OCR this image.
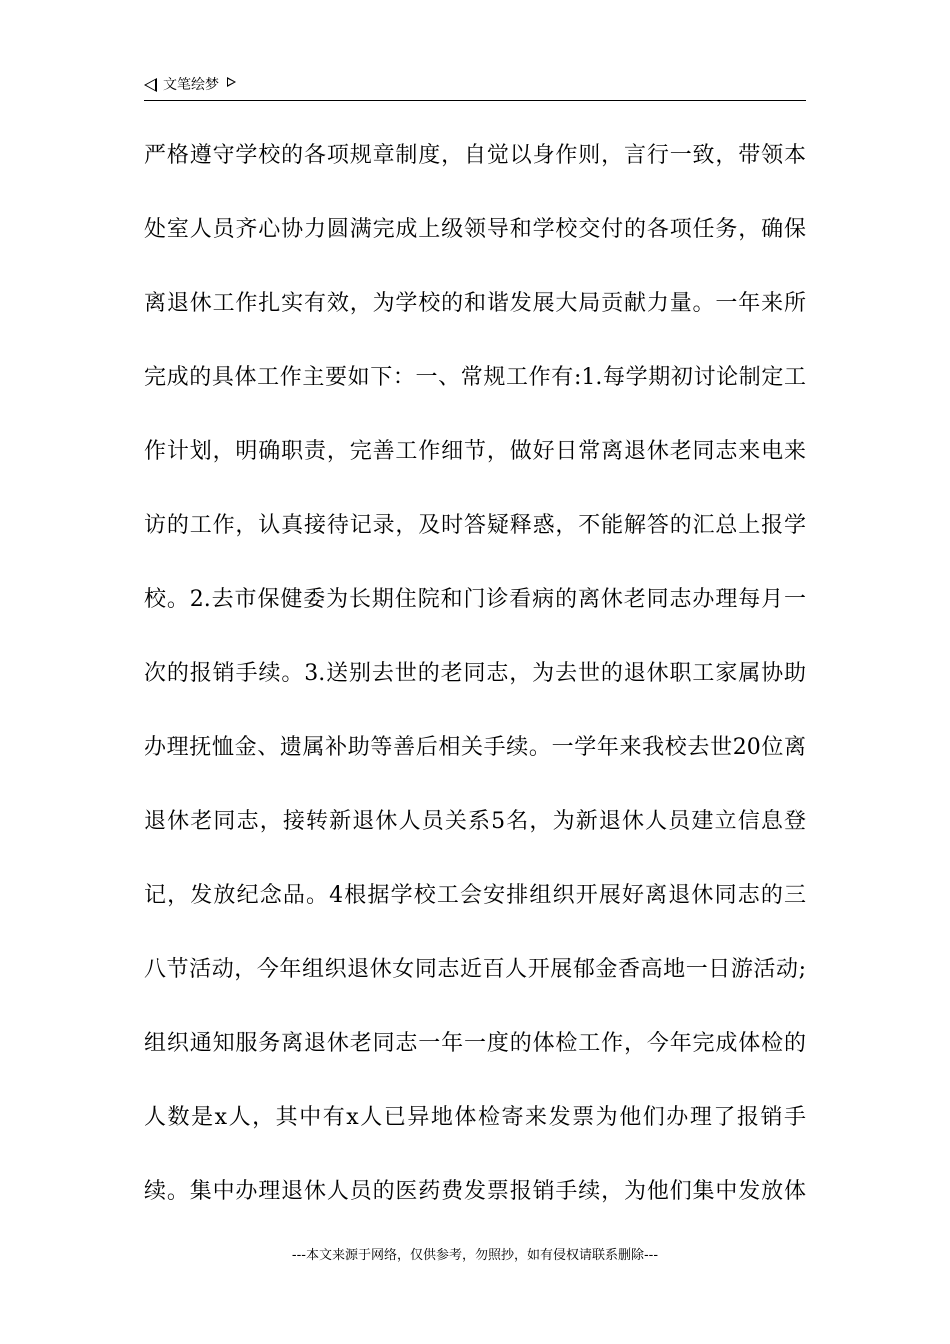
文笔绘梦
严格遵守学校的各项规章制度，自觉以身作则，言行一致，带领本
处室人员齐心协力圆满完成上级领导和学校交付的各项任务，确保
离退休工作扎实有效，为学校的和谐发展大局贡献力量。一年来所
完成的具体工作主要如下：一、常规工作有:1.每学期初讨论制定工
作计划，明确职责，完善工作细节，做好日常离退休老同志来电来
访的工作，认真接待记录，及时答疑释惑，不能解答的汇总上报学
校。2.去市保健委为长期住院和门诊看病的离休老同志办理每月一
次的报销手续。3.送别去世的老同志，为去世的退休职工家属协助
办理抚恤金、遗属补助等善后相关手续。一学年来我校去世20位离
退休老同志，接转新退休人员关系5名，为新退休人员建立信息登
记，发放纪念品。4根据学校工会安排组织开展好离退休同志的三
八节活动，今年组织退休女同志近百人开展郁金香高地一日游活动;
组织通知服务离退休老同志一年一度的体检工作，今年完成体检的
人数是x人，其中有x人已异地体检寄来发票为他们办理了报销手
续。集中办理退休人员的医药费发票报销手续，为他们集中发放体
---本文来源于网络，仅供参考，勿照抄，如有侵权请联系删除---
